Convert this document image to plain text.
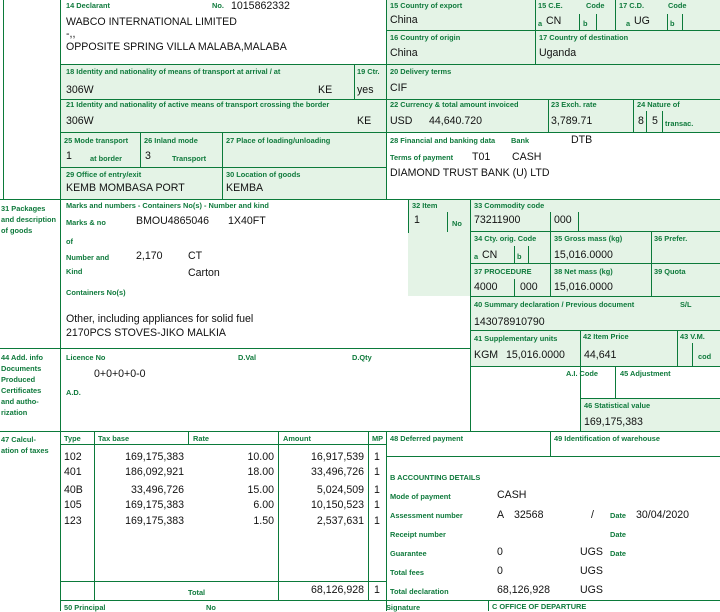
14 Declarant	No. 1015862332
WABCO INTERNATIONAL LIMITED
-,,
OPPOSITE SPRING VILLA MALABA,MALABA
15 Country of export
China
15 C.E.	Code
a CN	b
17 C.D.	Code
a UG	b
16 Country of origin
China
17 Country of destination
Uganda
18 Identity and nationality of means of transport at arrival / at
306W	KE
19 Ctr.
yes
20 Delivery terms
CIF
21 Identity and nationality of active means of transport crossing the border
306W	KE
22 Currency & total amount invoiced
USD 44,640.720
23 Exch. rate
3,789.71
24 Nature of
8 5 transac.
25 Mode transport
1 at border
26 Inland mode
3	Transport
27 Place of loading/unloading	28 Financial and banking data Bank	DTB
Terms of payment T01 CASH
DIAMOND TRUST BANK (U) LTD
29 Office of entry/exit
KEMB MOMBASA PORT
30 Location of goods
KEMBA
31 Packages and description of goods
Marks and numbers - Containers No(s) - Number and kind
Marks & no	BMOU4865046 1X40FT
of
Number and	2,170 CT
Kind	Carton
Containers No(s)
Other, including appliances for solid fuel
2170PCS STOVES-JIKO MALKIA
32 Item
1	No
33 Commodity code
73211900	000
34 Cty. orig. Code
a CN	b
35 Gross mass (kg)
15,016.0000
36 Prefer.
37 PROCEDURE
4000 000
38 Net mass (kg)
15,016.0000
39 Quota
40 Summary declaration / Previous document	S/L
143078910790
41 Supplementary units
KGM 15,016.0000
42 Item Price
44,641
43 V.M.
cod
44 Add. info Documents Produced Certificates and autho- rization
Licence No	D.Val	D.Qty
0+0+0+0-0
A.D.
A.I. Code	45 Adjustment
46 Statistical value
169,175,383
47 Calcul- ation of taxes
Type Tax base	Rate	Amount	MP
102	169,175,383	10.00	16,917,539 1
401	186,092,921	18.00	33,496,726 1
40B	33,496,726	15.00	5,024,509 1
105	169,175,383	6.00	10,150,523 1
123	169,175,383	1.50	2,537,631 1
Total	68,126,928 1
48 Deferred payment	49 Identification of warehouse
B ACCOUNTING DETAILS
Mode of payment	CASH
Assessment number	A 32568	/ Date 30/04/2020
Receipt number	Date
Guarantee	0	UGS Date
Total fees	0	UGS
Total declaration	68,126,928	UGS
50 Principal	No	Signature	C OFFICE OF DEPARTURE
